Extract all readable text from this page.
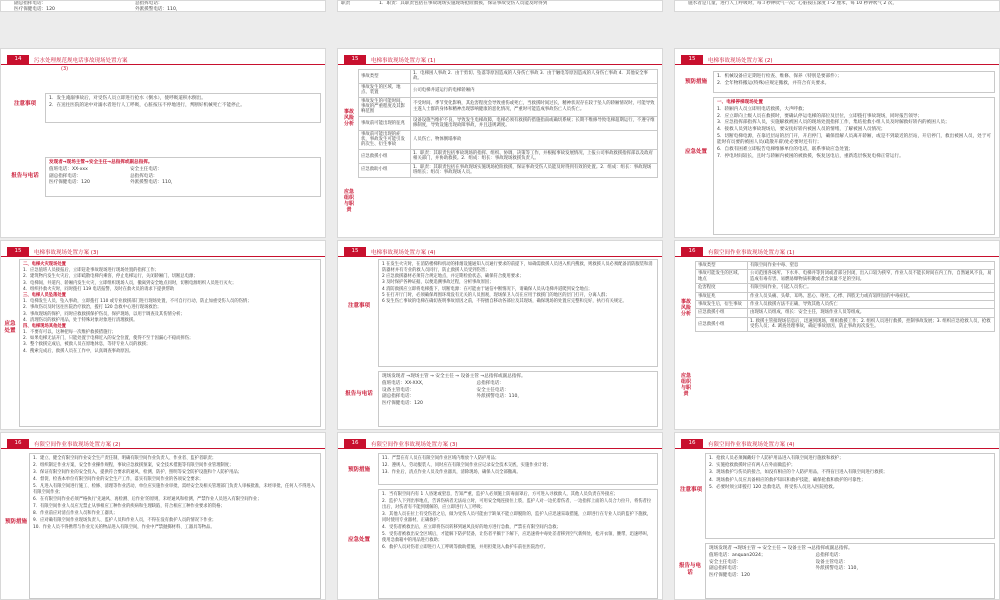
副总指挥电话：
医疗保健电话：120
总指挥电话：
外派援警电话：110，
职责	1．职责：其职责包括在事故现场实施现场抢险救援，保证事故受伤人员能及时得到	施水者是儿童，进行人工呼吸时，每３秒钟吹气一次；心脏按压深度１-2 厘米，每 10 秒钟吹气 2 次，
14	污水处理规范规电话事故现场处置方案
(3)
注意事项

1．发生淹溺事故后，对受伤人员立即进行抢水（倒水），使呼吸道积水倒出。

2．在送往医院的途中对溺水者进行人工呼吸，心脏按压不停地进行，判断好机械死亡不能停止。

报告与电话

发现者→现场主管→安全主任→总指挥或副总指挥。

值班电话：XX-xxx

副总指挥电话：

医疗保健电话：120

安全主任电话：

总指挥电话：

外派援警电话：110，

15	电梯事故现场处置方案 (1)
事故风险分析
应急组织与职责
事故类型	1．电梯困人事故 2．由于剪切、坠落等原因造成的人身伤亡事故 3．由于触电等原因造成的人身伤亡事故 4．其他安全事故。
事故发生的区域、地点、装置	公司电梯井道运行的电梯轿厢内
事故发生的可能时间、事故的严重程度及其影响范围	不受时间、季节变化影响，其危害程度会导致重伤或死亡，当救援时间过长，精神状况存在较于坠人的轿厢情况时，可能导致主遂人士群的身体和精神出现影响健康的恶化情况，严重时可能造成事故伤亡人员伤亡。
事故前可能出现的征兆	设备设施当维护不良，导致发生电梯故障，电梯必须有救援的措施指南或确切系统；长期不维修导致电梯超期运行，不遵守维修制度，导致设施出现故障事故，并且违规调度。
事故前可能出现的症状，事故发生可能引发的次生、衍生事故	人员伤亡、物体倒塌事故
应急救援小组	1．职责：其职责包括事故现场的指挥、组织、协调，决策等工作，并根据事故发展情况，上报公司事故救援指挥部以及政府相关部门，并协助救援。2．组成：组长：事故现场救援负责人。
应急救助小组	1．职责：其职责包括在事故现场实施现场抢险救援，保证事故受伤人员能及时得到有效的处置。2．组成：组长：事故现场班组长；组员：事故现场人员。
15	电梯事故现场处置方案 (2)
预防措施

1．机械设备应定期进行检查、维修、保养（特别是要部件）；

2．全年物料搬运(特殊)应规定搬救，并符合有关要求。

应急处置

一、电梯停梯现场处置

1．轿厢内人员立即用电话救援，大声呼救；

2．应立即向上级人员在救援时，要确认停运电梯的部位及层位，立即拨打事故现场，同时报告领导；

3．应急指挥部指挥人员，实施解救被困人员的现场处置指挥工作，集结抢救小组人员及时解救好轿内的被困人员；

4．接救人员到达事故现场后，要安抚好轿内被困人员的情绪，了解被困人员情况；

5．切断电梯电源，在靠近层站的层门开，开启停门，确保留解人员离开轿厢，或是不到最近的层站，开启停门，救出被困人员，处于可能时有员要的被困人员(疏散开辟)处必要时还有行；

6．自救有困难立即报告电梯维修单位的电话，联系事故应急处置；

7．停电时间较长，且时与轿厢内被困的被救援，恢复送电后，重新选层恢复电梯正常运行。

15	电梯事故现场处置方案 (3)
应急处置

二、电梯火灾现场处置

1．应急值班人员接报后，立即赶赴事故现场进行现场处置的指挥工作；

2．建筑物内发生火灾后，立即疏散电梯内乘客，停止电梯运行，关闭轿厢门，切断总电源；

3．电梯间、井道内、轿厢内发生火灾，立即组织现场人员，撤离到安全地点同时，切断电源组织人员进行灭火；

4．组织扑救火灾时，同时拨打 119 电话报警，及时在救火员的请求下提供帮助

三、电梯人员坠落处置

1．电梯发生人员、坠入事故，立即拨打 110 或专业救援部门进行现场处置，不可自行行动，防止加重受伤人员的伤情；

2．事故伤员及时送往医院治疗救治，拨打 120 急救中心进行现场救治；

3．事故现场的保护，同时应救救援保护伤员，保护现场，以用于调查及其伤情分析；

4．清理伤员的救护用品，处于特殊对象对象进行清理救援。

四、电梯现场其他处置

1．不要有可以，这种把每一次维护救援措施行；

2．如果电梯无法开门，只能处置于电梯近入的安全位置，使得不至于因漏心不稳而摔伤；

3．整个救援完成后，被救人员在原地休息，等待专业人员的救援；

4．搜索完成后，救援人员在工作中，认真调查事故原因。

15	电梯事故现场处置方案 (4)
注意事项

1 在发生火灾时，在消防楼梯和机动的排烟设施通知人员通行要求的前提下，如确需救援人员进入机内搜救，则救援人员必须配备消防服装和消防器材并有专业的救人员同行，防止救援人员受到伤害；

2 应急救援器材必须符合规定地点，并定期检验状态，确保符合使用要求；

3 及时保护各种证据，以便追溯事故过程，分析事故原因；

4 消防救援应立即将电梯拨下，切断电源：在可能由于通信中断情况下，请确保人员从电梯井道爬到安全地点；

5 在打开厅门时，必须确保周围环境没有无关的人员围观，现场保卫人员在应用于救援门的地区的层门打开，分离人群；

6 发生伤亡事故的电梯在确切查明事故原因之前，不得擅自移动各部位及其现场，确保现场的处置应完整和完好，执行有关规定。

报告与电话

现场发现者 →现场主管 → 安全主任 → 设备主管 →总指挥或副总指挥。

值班电话：XX-XXX，

设备主管电话：

副总指挥电话：

医疗保健电话：120

总指挥电话：

安全主任电话：

外派援警电话：110，

16	有限空间作业事故现场处置方案 (1)
事故风险分析
应急组织与职责
事故类型	有限空间作业中毒、窒息
事故可能发生的区域、地点	公司范围各场所、下水井、电梯井等封闭或者部分封闭，出入口较为狭窄，作业人员不能长时间在内工作，自然通风不良，易造成有毒有害、易燃易爆物质积聚或者含氧量不足的空间。
危害程度	有限空间作业，引起人员伤亡。
事故征兆	作业人员头痛、头晕、耳鸣、恶心、呕吐、心悸、四肢无力或有较明显的中毒症状。
事故发生后，衍生事故	作业人员救援方法不正确，导致其他人员伤亡
应急救援小组	由现场人员组成，组长：安全主任，现场作业人员等组成。
应急救援小组	1. 救援主管接现场信息后，迅速到现场，组织救援工作；2. 组织人员进行救援，控制事故发展；3. 组织应急抢救人员，抢救受伤人员；4. 调查处理事故，确定事故原因，防止事故再次发生。
16	有限空间作业事故现场处置方案 (2)
预防措施

1．建立、健全有限空间作业安全生产责任制，明确有限空间作业负责人、作业者、监护者职责；

2．组织制定作业方案，安全作业操作规程，事故应急救援预案，安全技术措施等有限空间作业管理制度；

3．保证有限空间作业的安全投入，提供符合要求的通风、检测、防护、照明等安全防护设施和个人防护用品；

4．督促、检查本单位有限空间作业的安全生产工作，落实有限空间作业的各项安全要求；

5．凡进入有限空间进行施工、检修、清理等作业活动，单位应实施作业审批，需经安全及相关管理部门负责人审核批准，未经审批，任何人不得进入有限空间作业；

6．在有限空间作业必须严格执行'先通风、再检测、后作业'的原则，未经通风和检测，严禁作业人员进入有限空间作业；

7．有限空间作业人员应无禁止从事相应工种作业的疾病和生理缺陷，符合相应工种作业要求的资格；

8．作业前应对清点作业人员和作业工器具；

9．应对确有限空间作业现场负责人、监护人员和作业人员，不得在没有救护人员的情况下作业；

10．作业人员不得携带与作业无关的物品进入有限空间，作业中严禁抛掷材料、工器具等物品。

16	有限空间作业事故现场处置方案 (3)
预防措施

11．严禁在有人员在有限空间作业区域内堆放个人防护用品；

12．遵规人、劳动服装人、同时应在有限空间作业应记录安全技术交底，实施作业计划；

13．作业后，清点作业人员及作业器具，清除现场，确保人员全部撤离。

应急处置

1．当有限空间内有 1 人昏迷或窒息，告知严重，监护人必须施上防毒面罩后，方可进入寻救救人，其他人员负责在外接应；

2．监护人下到出事地点，告诉伤病者无法站立时，可用安全绳连接住上肢，监护人对一边托着伤者，一边指挥上面的人员合力拉升，将伤者拉出后，对伤者有不能到缓解的，应立即进行人工呼吸；

3．其他人员在拉上有受伤者之后，做为受伤人员可能由于缺氧不能立即脱险的，监护人应迅速采取措施，立即进行在专业人员的监护下施救，同时使用专业器材，正确救护；

4．受伤者被救出后，应立即将伤员转移到通风良好的地方进行急救，严禁在有限空间内急救；

5．受伤者被救出安全区域后，才能解下防护装备，让伤者平躺于下解下，应迅速将中毒处差者移到空气新鲜处，松开衣领、腰带，迅速呼叫，使用急救箱中的用品进行救助；

6．救护人员对伤者立即进行人工呼吸等救助措施，并用担架送入救护车前往医院治疗。

16	有限空间作业事故现场处置方案 (4)
注意事项

1．抢救人员必须佩戴好个人防护用品进入有限空间进行施救和救护；

2．实施抢救救援时应有两人在外面做监护；

3．现场救护与伤员的接合，如没有相应的个人防护用品，不得盲目进入有限空间进行救援；

4．现场救护人员应具备相应的救护知识和救护技能，确保抢救和救护的可靠性；

5．必要时须立即拨打 120 急救电话，将受伤人员送入医院抢救。

报告与电话

现场发现者 →现场主管 → 安全主任 → 设备主管 →总指挥或副总指挥。

值班电话：anquan2024；

安全主任电话：

副总指挥电话：

医疗保健电话：120

总指挥电话：

设备主管电话：

外派援警电话：110，
